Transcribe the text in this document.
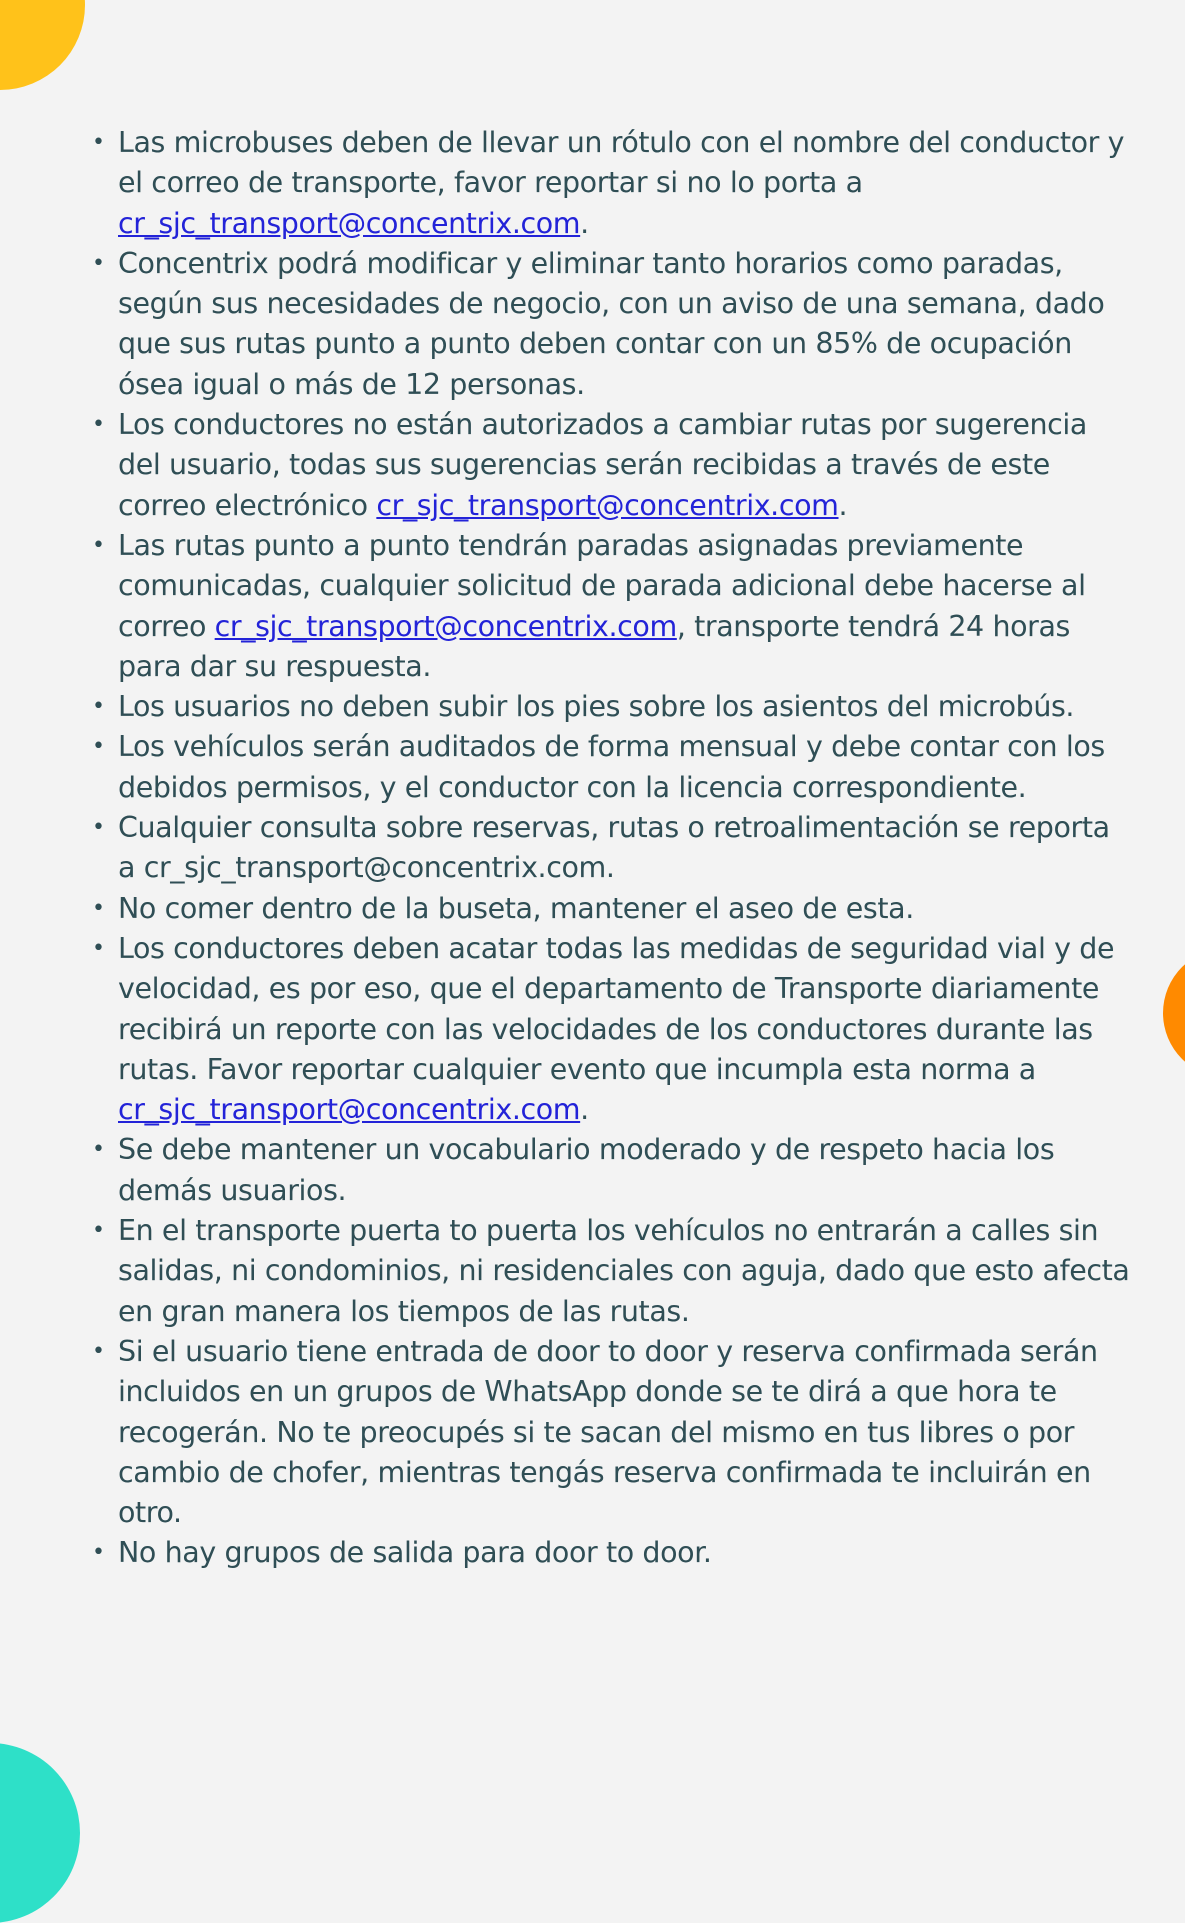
• Las microbuses deben de llevar un rótulo con el nombre del conductor y el correo de transporte, favor reportar si no lo porta a cr_sjc_transport@concentrix.com.
• Concentrix podrá modificar y eliminar tanto horarios como paradas, según sus necesidades de negocio, con un aviso de una semana, dado que sus rutas punto a punto deben contar con un 85% de ocupación ósea igual o más de 12 personas.
• Los conductores no están autorizados a cambiar rutas por sugerencia del usuario, todas sus sugerencias serán recibidas a través de este correo electrónico cr_sjc_transport@concentrix.com.
• Las rutas punto a punto tendrán paradas asignadas previamente comunicadas, cualquier solicitud de parada adicional debe hacerse al correo cr_sjc_transport@concentrix.com, transporte tendrá 24 horas para dar su respuesta.
• Los usuarios no deben subir los pies sobre los asientos del microbús.
• Los vehículos serán auditados de forma mensual y debe contar con los debidos permisos, y el conductor con la licencia correspondiente.
• Cualquier consulta sobre reservas, rutas o retroalimentación se reporta a cr_sjc_transport@concentrix.com.
• No comer dentro de la buseta, mantener el aseo de esta.
• Los conductores deben acatar todas las medidas de seguridad vial y de velocidad, es por eso, que el departamento de Transporte diariamente recibirá un reporte con las velocidades de los conductores durante las rutas. Favor reportar cualquier evento que incumpla esta norma a cr_sjc_transport@concentrix.com.
• Se debe mantener un vocabulario moderado y de respeto hacia los demás usuarios.
• En el transporte puerta to puerta los vehículos no entrarán a calles sin salidas, ni condominios, ni residenciales con aguja, dado que esto afecta en gran manera los tiempos de las rutas.
• Si el usuario tiene entrada de door to door y reserva confirmada serán incluidos en un grupos de WhatsApp donde se te dirá a que hora te recogerán. No te preocupés si te sacan del mismo en tus libres o por cambio de chofer, mientras tengás reserva confirmada te incluirán en otro.
• No hay grupos de salida para door to door.
